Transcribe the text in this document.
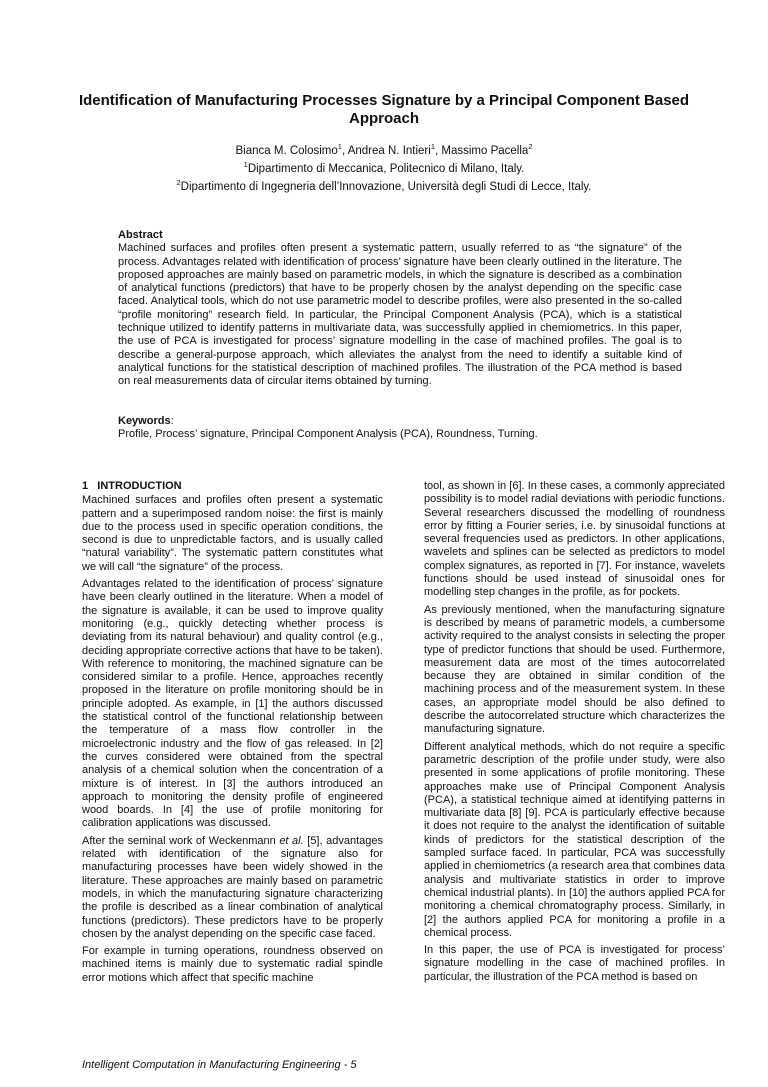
Identification of Manufacturing Processes Signature by a Principal Component Based Approach
Bianca M. Colosimo$^1$, Andrea N. Intieri$^1$, Massimo Pacella$^2$
$^1$Dipartimento di Meccanica, Politecnico di Milano, Italy.
$^2$Dipartimento di Ingegneria dell’Innovazione, Università degli Studi di Lecce, Italy.
Abstract

Machined surfaces and profiles often present a systematic pattern, usually referred to as “the signature” of the process. Advantages related with identification of process’ signature have been clearly outlined in the literature. The proposed approaches are mainly based on parametric models, in which the signature is described as a combination of analytical functions (predictors) that have to be properly chosen by the analyst depending on the specific case faced. Analytical tools, which do not use parametric model to describe profiles, were also presented in the so-called “profile monitoring” research field. In particular, the Principal Component Analysis (PCA), which is a statistical technique utilized to identify patterns in multivariate data, was successfully applied in chemiometrics. In this paper, the use of PCA is investigated for process’ signature modelling in the case of machined profiles. The goal is to describe a general-purpose approach, which alleviates the analyst from the need to identify a suitable kind of analytical functions for the statistical description of machined profiles. The illustration of the PCA method is based on real measurements data of circular items obtained by turning.

Keywords:
Profile, Process’ signature, Principal Component Analysis (PCA), Roundness, Turning.
1 INTRODUCTION

Machined surfaces and profiles often present a systematic pattern and a superimposed random noise: the first is mainly due to the process used in specific operation conditions, the second is due to unpredictable factors, and is usually called “natural variability”. The systematic pattern constitutes what we will call “the signature” of the process.

Advantages related to the identification of process’ signature have been clearly outlined in the literature. When a model of the signature is available, it can be used to improve quality monitoring (e.g., quickly detecting whether process is deviating from its natural behaviour) and quality control (e.g., deciding appropriate corrective actions that have to be taken). With reference to monitoring, the machined signature can be considered similar to a profile. Hence, approaches recently proposed in the literature on profile monitoring should be in principle adopted. As example, in [1] the authors discussed the statistical control of the functional relationship between the temperature of a mass flow controller in the microelectronic industry and the flow of gas released. In [2] the curves considered were obtained from the spectral analysis of a chemical solution when the concentration of a mixture is of interest. In [3] the authors introduced an approach to monitoring the density profile of engineered wood boards. In [4] the use of profile monitoring for calibration applications was discussed.

After the seminal work of Weckenmann et al. [5], advantages related with identification of the signature also for manufacturing processes have been widely showed in the literature. These approaches are mainly based on parametric models, in which the manufacturing signature characterizing the profile is described as a linear combination of analytical functions (predictors). These predictors have to be properly chosen by the analyst depending on the specific case faced.

For example in turning operations, roundness observed on machined items is mainly due to systematic radial spindle error motions which affect that specific machine

tool, as shown in [6]. In these cases, a commonly appreciated possibility is to model radial deviations with periodic functions. Several researchers discussed the modelling of roundness error by fitting a Fourier series, i.e. by sinusoidal functions at several frequencies used as predictors. In other applications, wavelets and splines can be selected as predictors to model complex signatures, as reported in [7]. For instance, wavelets functions should be used instead of sinusoidal ones for modelling step changes in the profile, as for pockets.

As previously mentioned, when the manufacturing signature is described by means of parametric models, a cumbersome activity required to the analyst consists in selecting the proper type of predictor functions that should be used. Furthermore, measurement data are most of the times autocorrelated because they are obtained in similar condition of the machining process and of the measurement system. In these cases, an appropriate model should be also defined to describe the autocorrelated structure which characterizes the manufacturing signature.

Different analytical methods, which do not require a specific parametric description of the profile under study, were also presented in some applications of profile monitoring. These approaches make use of Principal Component Analysis (PCA), a statistical technique aimed at identifying patterns in multivariate data [8] [9]. PCA is particularly effective because it does not require to the analyst the identification of suitable kinds of predictors for the statistical description of the sampled surface faced. In particular, PCA was successfully applied in chemiometrics (a research area that combines data analysis and multivariate statistics in order to improve chemical industrial plants). In [10] the authors applied PCA for monitoring a chemical chromatography process. Similarly, in [2] the authors applied PCA for monitoring a profile in a chemical process.

In this paper, the use of PCA is investigated for process’ signature modelling in the case of machined profiles. In particular, the illustration of the PCA method is based on

Intelligent Computation in Manufacturing Engineering - 5
